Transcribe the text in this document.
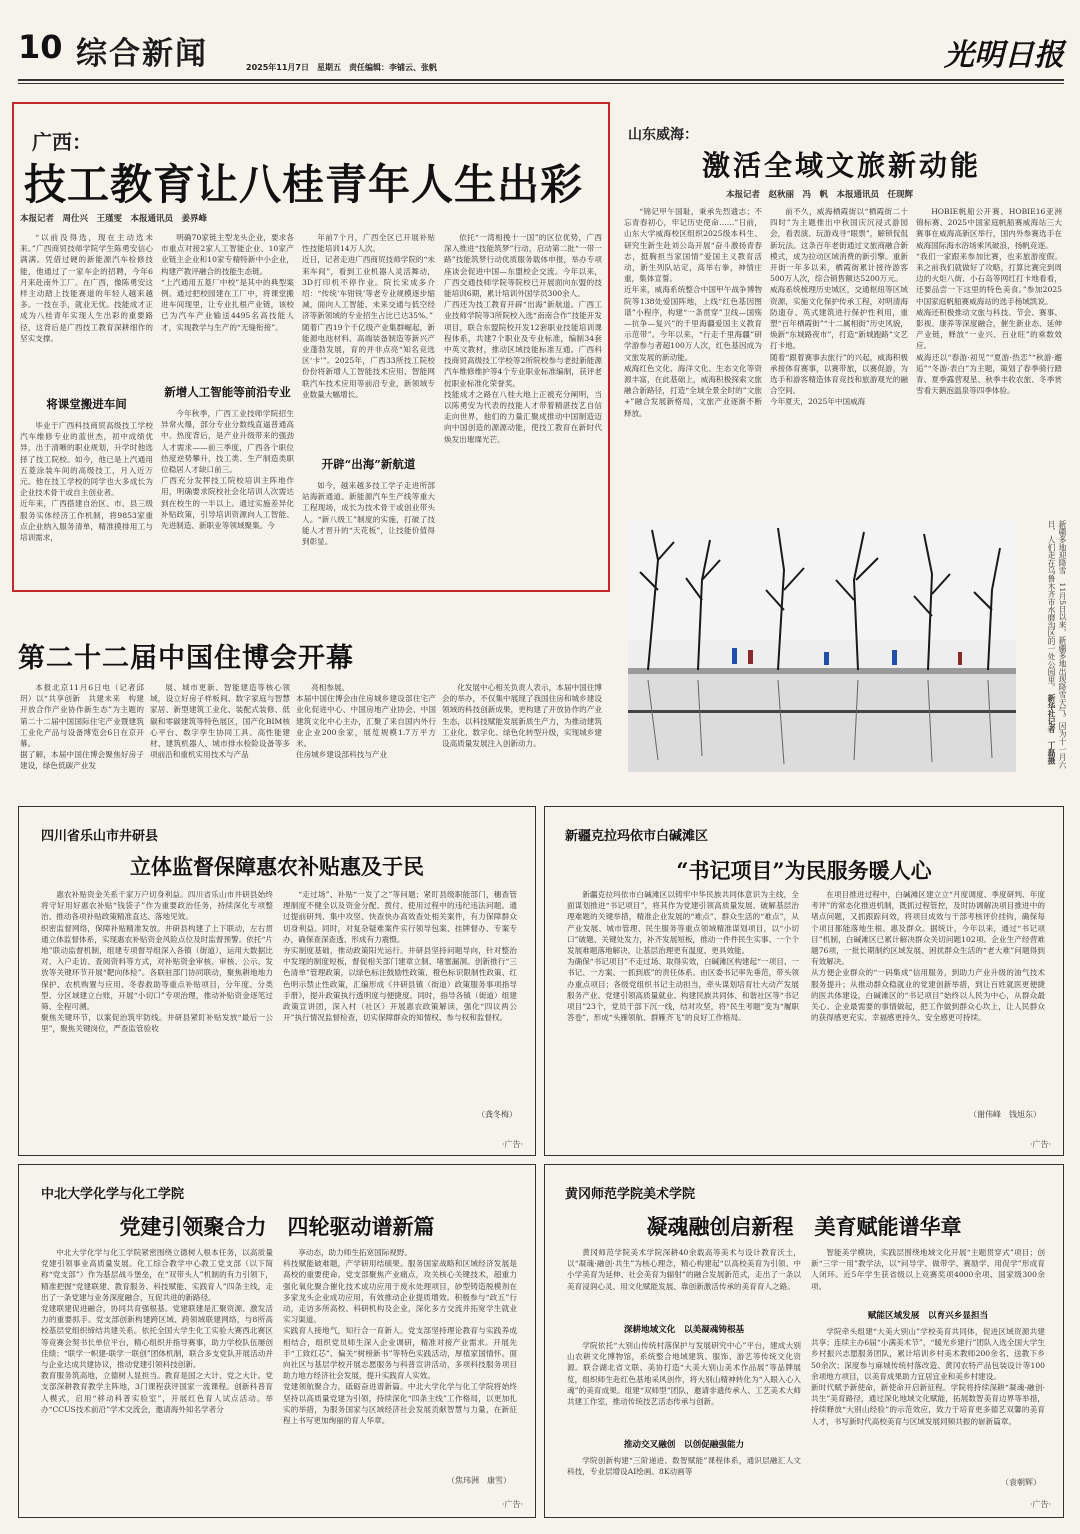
10 综合新闻	2025年11月7日　星期五　责任编辑：李铺云、张帆	光明日报
广西：
技工教育让八桂青年人生出彩
本报记者　周仕兴　王瑾雯　本报通讯员　姜界峰
“以前没得选，现在主动选未来。”广西商贸技师学院学生陈勇安信心满满。凭借过硬的新能源汽车检修技能，他通过了一家车企的招聘，今年6月来赴南外工厂。在广西，像陈勇安这样主动踏上技能赛道的年轻人越来越多。一技在手，就业无忧。技能成才正成为八桂青年实现人生出彩的重要路径，这背后是广西技工教育深耕细作的坚实支撑。
将课堂搬进车间
毕业于广西科技商贸高级技工学校汽车维修专业的蓝世杰，初中成绩优异，出于清晰的职业规划，升学时他选择了技工院校。如今，他已是上汽通用五菱涂装车间的高级技工，月入近万元。他在技工学校的同学也大多成长为企业技术骨干或自主创业者。
近年来，广西搭建自治区、市、县三级服务实体经济工作机制，将9853家重点企业纳入服务清单，精准摸排用工与培训需求，
明确70家链主型龙头企业，要求各市重点对接2家人工智能企业、10家产业链主企业和10家专精特新中小企业，构建产教评融合的技能生态链。
“上汽通用五菱厂中校”是其中的典型案例。通过把校园建在工厂中，将课堂搬进车间现里，让专业扎根产业链，该校已为汽车产业输送4495名高技能人才，实现教学与生产的“无缝衔接”。
新增人工智能等前沿专业
今年秋季，广西工业技师学院招生异常火爆，部分专业分数线直逼普通高中。热度背后，是产业升级带来的强劲人才需求——前三季度，广西各个职位热度逆势攀升，技工类、生产制造类职位稳居人才缺口前三。
广西充分发挥技工院校培训主阵地作用，明确要求院校社会化培训人次需达到在校生的一半以上。通过实施差异化补贴政策，引导培训资源向人工智能、先进制造、新职业等领域聚集。今
年前7个月，广西全区已开展补贴性技能培训14万人次。
近日，记者走进广西商贸技师学院的“未来车间”，看到工业机器人灵活舞动，3D打印机不停作业。院长宋成多介绍：“传统‘车钳铣’等老专业规模逐步缩减，面向人工智能、未来交通与低空经济等新领域的专业招生占比已达35%。”
随着广西19个千亿级产业集群崛起，新能源电池材料、高端装备制造等新兴产业蓬勃发展，育的并非点亮“知名竞选区‘卡’”。2025年，广西33所技工院校份份将新增人工智能技术应用、智能网联汽车技术应用等前沿专业，新领域专业数量大幅增长。
开辟“出海”新航道
如今，越来越多技工学子走进所部站海新通道、新能源汽车生产线等重大工程现场，成长为技术骨干或创业带头人。“新八级工”制度的实施，打破了技能人才晋升的“天花板”，让技能价值得到彰显。
依托“一湾相挽十一国”的区位优势，广西深入推进“技能筑梦”行动，启动第二批“一带一路”技能筑梦行动优质服务载体申报，举办专项座谈会促进中国—东盟校企交流。今年以来，广西交通技师学院等院校已开展面向东盟的技能培训6期，累计培训外国学员300余人。
广西还为技工教育开辟“出海”新航道。广西工业技师学院等3所院校入选“南南合作”技能开发项目，联合东盟院校开发12套职业技能培训课程体系，共建7个职业及专业标准，编制34套中英文教材，推动区域技能标准互通。广西科技商贸高级技工学校等2所院校参与老挝新能源汽车维修维护等4个专业职业标准编制，获评老挝职业标准化荣誉奖。
技能成才之路在八桂大地上正被充分阐明，当以陈勇安为代表的技能人才带着精湛技艺自信走向世界，他们的力量汇聚成推动中国制造迈向中国创造的源源动能，使技工教育在新时代焕发出璀璨光芒。
山东威海：
激活全域文旅新动能
本报记者　赵秋丽　冯　帆　本报通讯员　任现辉
“锦记甲午国耻，秉承先烈遗志；不忘青春初心，牢记历史使命……”日前，山东大学威海校区组织2025级本科生、研究生新生赴刘公岛开展“奋斗激扬青春志，挺胸担当家国情”爱国主义教育活动，新生列队站定，高举右拳，神情庄重，集体宣誓。
近年来，威海系统整合中国甲午战争博物院等138处爱国阵地，上线“红色基因图谱”小程序，构建“一条贯穿”卫线—国殇—抗争—复兴”的千里海疆爱国主义教育示范带”。今年以来，“行走千里海疆”研学游参与者超100万人次，红色基因成为文旅发展的新动能。
威海红色文化、海洋文化、生态文化等资源丰富，在此基础上，威海积极探索文旅融合新路径，打造“全域全景全时的”文旅+”融合发展新格局，文旅产业逐渐不断释放。
前不久，威海栖霞街以“栖霞街二十四时”为主题推出中秋国庆沉浸式游园会，看表演、玩游戏寻“眼票”，解锁侃侃新玩法。这条百年老街通过文旅商融合新模式，成为拉动区域消费的新引擎。重新开街一年多以来，栖霞街累计接待游客500万人次，综合销售额达5200万元。
威海系统梳理历史城区，交通枢纽等区域资源，实施文化保护传承工程，对明清海防遗存、英式建筑进行保护性利用，重塑“百年栖霞街”“十二属相街”历史风貌，焕新“东城路夜市”，打造“新城跑路”文艺打卡地。
随着“跟着赛事去旅行”的兴起，威海积极承接体育赛事，以赛带旅，以赛促游，为选手和游客精造体育竞技和旅游观光的融合空间。
今年夏天，2025年中国威海
HOBIE帆船公开赛、HOBIE16亚洲锦标赛、2025中国家庭帆船赛威海站三大赛事在威海高新区举行，国内外参赛选手在威海国际海水浴场乘风破浪，扬帆竞逐。
“我们一家跟来参加比赛，也来旅游度假。来之前我们就做好了攻略，打算比赛完到周边的火炬八街、小石岛等网红打卡地看看，还要品尝一下这里的特色美食。”参加2025中国家庭帆船赛威海站的选手杨域凯说。
威海还积极推动文旅与科技、节会、赛事、影视、康养等深度融合，催生新业态、延伸产业链，释放“一业兴、百业旺”的乘数效应。
威海还以“春游·初见”“夏游·热恋”“秋游·邂逅”“冬游·表白”为主题，策划了春季骑行踏青、夏季露营观星、秋季丰收农旅、冬季赏雪看天鹅泡温泉等四季体验。
新疆多地迎降雪　11月5日以来，新疆多地出现降雪天气。因为十一月六日，人们走在乌鲁木齐市水磨沟区的一处公园里。 新华社记者　丁磊摄
第二十二届中国住博会开幕
本报北京11月6日电（记者邱玥）以“共享创新　共建未来　构建开放合作产业协作新生态”为主题的第二十二届中国国际住宅产业暨建筑工业化产品与设备博览会6日在京开幕。
据了解，本届中国住博会聚焦好房子建设，绿色低碳产业发
展、城市更新、智能建造等核心领域，设立好房子样板间、数字家庭与智慧家居、新型建筑工业化、装配式装修、低碳和零碳建筑等特色展区，国产化BIM核心平台、数字孪生协同工具、高性能建材、建筑机器人、城市排水检险设备等多项前沿和重机实用技术与产品
亮相参展。
本届中国住博会由住房城乡建设部住宅产业化促进中心、中国房地产业协会、中国建筑文化中心主办，汇聚了来自国内外行业企业200余家，展览规模1.7万平方米。
住房城乡建设部科技与产业
化发展中心相关负责人表示，本届中国住博会的举办，不仅集中展现了我国住房和城乡建设领域的科技创新成果，更构建了开放协作的产业生态，以科技赋能发展新质生产力，为推动建筑工业化、数字化、绿色化转型升级，实现城乡建设高质量发展注入创新动力。
四川省乐山市井研县
立体监督保障惠农补贴惠及于民
惠农补贴资金关系千家万户切身利益。四川省乐山市井研县始终将守好用好惠农补贴“钱袋子”作为重要政治任务，持续深化专项整治、推动各项补贴政策精准直达、落地见效。
织密监督网络，保障补贴精准发放。井研县构建了上下联动，左右贯通立体监督体系，实现惠农补贴资金风险点位及时监督预警。依托“片地”联动监督机制，组建专项督导组深入各镇（街道），运用大数据比对、入户走访、查阅资料等方式，对补贴资金审核、审核、公示、发放等关键环节开展“靶向体检”。各联驻部门协同联动，聚焦耕地地力保护、农机购置与应用、冬春救助等重点补贴项目，分年度、分类型、分区域建立台账，开展“小切口”专项治理，推动补贴资金逐笔过筛、全程可溯。
聚焦关键环节，以案促治筑牢防线。井研县紧盯补贴发放“最后一公里”，聚焦关键岗位，严查监管验收
“走过场”、补贴“一发了之”等问题；紧盯县级职能部门，穗查管理制度不健全以及资金分配、拨付、使用过程中的违纪违法问题。通过提前研判、集中攻坚、快查快办高效查处相关案件，有力保障群众切身利益。同时，对复杂疑难案件实行领导包案、挂牌督办、专案专办，确保查深查透、形成有力震慑。
夯实制度基础，推动政策阳光运行。井研县坚持问题导向，针对整治中发现的制度短板，督促相关部门建章立制、堵塞漏洞。创新推行“三色清单”管理政策，以绿色标注鼓励性政策、橙色标识限制性政策、红色明示禁止性政策，汇编形成《井研县镇（街道）政策服务事项指导手册》，提升政策执行透明度与便捷度。同时，指导各镇（街道）组建政策宣讲团，深入村（社区）开展惠农政策解读，强化“四议两公开”执行情况监督检查，切实保障群众的知情权、参与权和监督权。
（龚冬梅）
·广告·
新疆克拉玛依市白碱滩区
“书记项目”为民服务暖人心
新疆克拉玛依市白碱滩区以铸牢中华民族共同体意识为主线，全面谋划推进“书记项目”，将其作为党建引领高质量发展、破解基层治理难题的关键举措，精准企业发展的“难点”、群众生活的“难点”，从产业发展、城市管理、民生服务等重点领域精准谋划项目，以“小切口”破题、关键处发力，补齐发展短板，推动一件件民生实事、一个个发展难题落地解决，让基层治理更有温度、更具效能。
为确保“书记项目”不走过场、取得实效，白碱滩区构建起“一项目、一书记、一方案、一抓到底”的责任体系。由区委书记率先垂范，带头领办重点项目；各级党组织书记主动担当，牵头谋划培育壮大动产发展服务产业、党建引领高质量就业、构建民族共同体、和谐社区等“书记项目”23个，党员干部下沉一线，结对攻坚，将“民生考题”变为“履职答卷”，形成“头雁领航、群雁齐飞”的良好工作格局。
在项目推进过程中，白碱滩区建立立“月度调度、季度研判、年度考评”的常态化推进机制，既抓过程管控，及时协调解决项目推进中的堵点问题，又抓跟踪问效，将项目成效与干部考核评价挂钩，确保每个项目都能落地生根、惠及群众。据统计，今年以来，通过“书记项目”机制，白碱滩区已累计解决群众关切问题102项、企业生产经营难题76项，一批长期制约区域发展、困扰群众生活的“老大难”问题得到有效解决。
从方便企业群众的“一码集成”信用服务，到助力产业升级的油气技术服务提升；从推动群众稳就业的党建创新举措，到让百姓就医更便捷的医共体建设，白碱滩区的“书记项目”始终以人民为中心，从群众最关心、企业最需要的事情做起，把工作做到群众心坎上，让人民群众的获得感更充实、幸福感更持久、安全感更可持续。
（谢伟峰　钱旭东）
·广告·
中北大学化学与化工学院
党建引领聚合力　四轮驱动谱新篇
中北大学化学与化工学院紧密围绕立德树人根本任务，以高质量党建引领事业高质量发展。化工综合教学中心教工党支部（以下简称“党支部”）作为基层战斗堡垒，在“双带头人”机制的有力引领下，精准把握“党建联建、教育服务、科技赋能、实践育人”四条主线，走出了一条党建与业务深度融合、互促共进的新路径。
党建联建促进融合，协同共育强根基。党建联建是汇聚资源、激发活力的重要抓手。党支部创新构建跨区域、跨领域联建网络，与8所高校基层党组织缔结共建关系。依托全国大学生化工实验大赛西北赛区等竞赛会契书长单位平台，精心组织并指导赛事，助力学校队伍屡创佳绩；“联学一帜建-联学一联创”团体机制，联合多支党队开展活动并与企业达成共建协议，推动党建引领科技创新。
教育服务筑高地，立德树人显担当。教育是国之大计、党之大计。党支部深耕教育教学主阵地，3门课程获评国家一流课程。创新科普育人模式，启用“移动科普实验室”，开展红色育人试点活动。举办“CCUS技术前沿”学术交流会，邀请海外知名学者分
享动态，助力师生拓宽国际视野。
科技赋能破难题，产学研用结硕果。服务国家战略和区域经济发展是高校的重要使命。党支部聚焦产业痛点，攻关核心关键技术，超重力强化氧化聚合催化技术成功应用于废水处理项目，砂型铸造脱模剂在多家龙头企业成功应用，有效推动企业提质增效。积极参与“政五”行动，走访多所高校、科研机构及企业，深化多方交流并拓宽学生就业实习渠道。
实践育人接地气，知行合一育新人。党支部坚持理论教育与实践养成相结合，组织党员师生深入企业调研，精准对接产业需求。开展先手“工致红芯”、偏关“树榜新书”等特色实践活动，厚植家国情怀。面向社区与基层学校开展志愿服务与科普宣讲活动，多项科技服务项目助力地方经济社会发展，提升实践育人实效。
党建领航聚合力，砥砺奋进谱新篇。中北大学化学与化工学院将始终坚持以高质量党建为引领，持续深化“四条主线”工作格局，以更加扎实的举措，为服务国家与区域经济社会发展贡献智慧与力量，在新征程上书写更加绚丽的育人华章。
（焦玮洲　康雪）
·广告·
黄冈师范学院美术学院
凝魂融创启新程　美育赋能谱华章
黄冈师范学院美术学院深耕40余载高等美术与设计教育沃土，以“凝魂·融创·共生”为核心理念，精心构建起“以高校美育为引领、中小学美育为延伸、社会美育为辐射”的融合发展新范式，走出了一条以美育浸润心灵、用文化赋能发展、靠创新激活传承的美育育人之路。
深耕地域文化　以美凝魂铸根基
学院依托“大别山传统村落保护与发展研究中心”平台，建成大别山农耕文化博物馆，系统整合地域建筑、服饰、游艺等传统文化资源。联合湖北省文联、美协打造“大美大别山美术作品展”等品牌展览，组织师生赴红色基地采风创作，将大别山精神转化为“入眼入心入魂”的美育成果。组建“双师型”团队，邀请非遗传承人、工艺美术大师共建工作室，推动传统技艺活态传承与创新。
推动交叉融创　以创促融强能力
学院创新构建“三阶递进、数智赋能”课程体系，通识层融汇人文科技，专业层增设AI绘画、8K动画等
智能美学模块，实践层围绕地域文化开展“主题贯穿式”项目；创新“三学一用”教学法，以“问导学、做带学、赛励学、用促学”形成育人闭环。近5年学生获省级以上竞赛奖项4000余项、国家级300余项。
赋能区域发展　以育兴乡显担当
学院牵头组建“大美大别山”学校美育共同体，促进区域资源共建共享；连续主办6届“小满美术节”，“暖光乡建行”团队入选全国大学生乡村振兴志愿服务团队，累计培训乡村美术教师200余名、送教下乡50余次；深度参与麻城传统村落改造、黄冈农特产品包装设计等100余项地方项目，以美育成果助力宜居宜业和美乡村建设。
新时代赋予新使命，新使命开启新征程。学院将持续深耕“凝魂·融创·共生”美育路径，通过深化地域文化赋能，拓展数智美育边界等举措，持续释放“大别山经验”的示范效应，致力于培育更多德艺双馨的美育人才，书写新时代高校美育与区域发展同频共振的崭新篇章。
（袁朝辉）
·广告·
